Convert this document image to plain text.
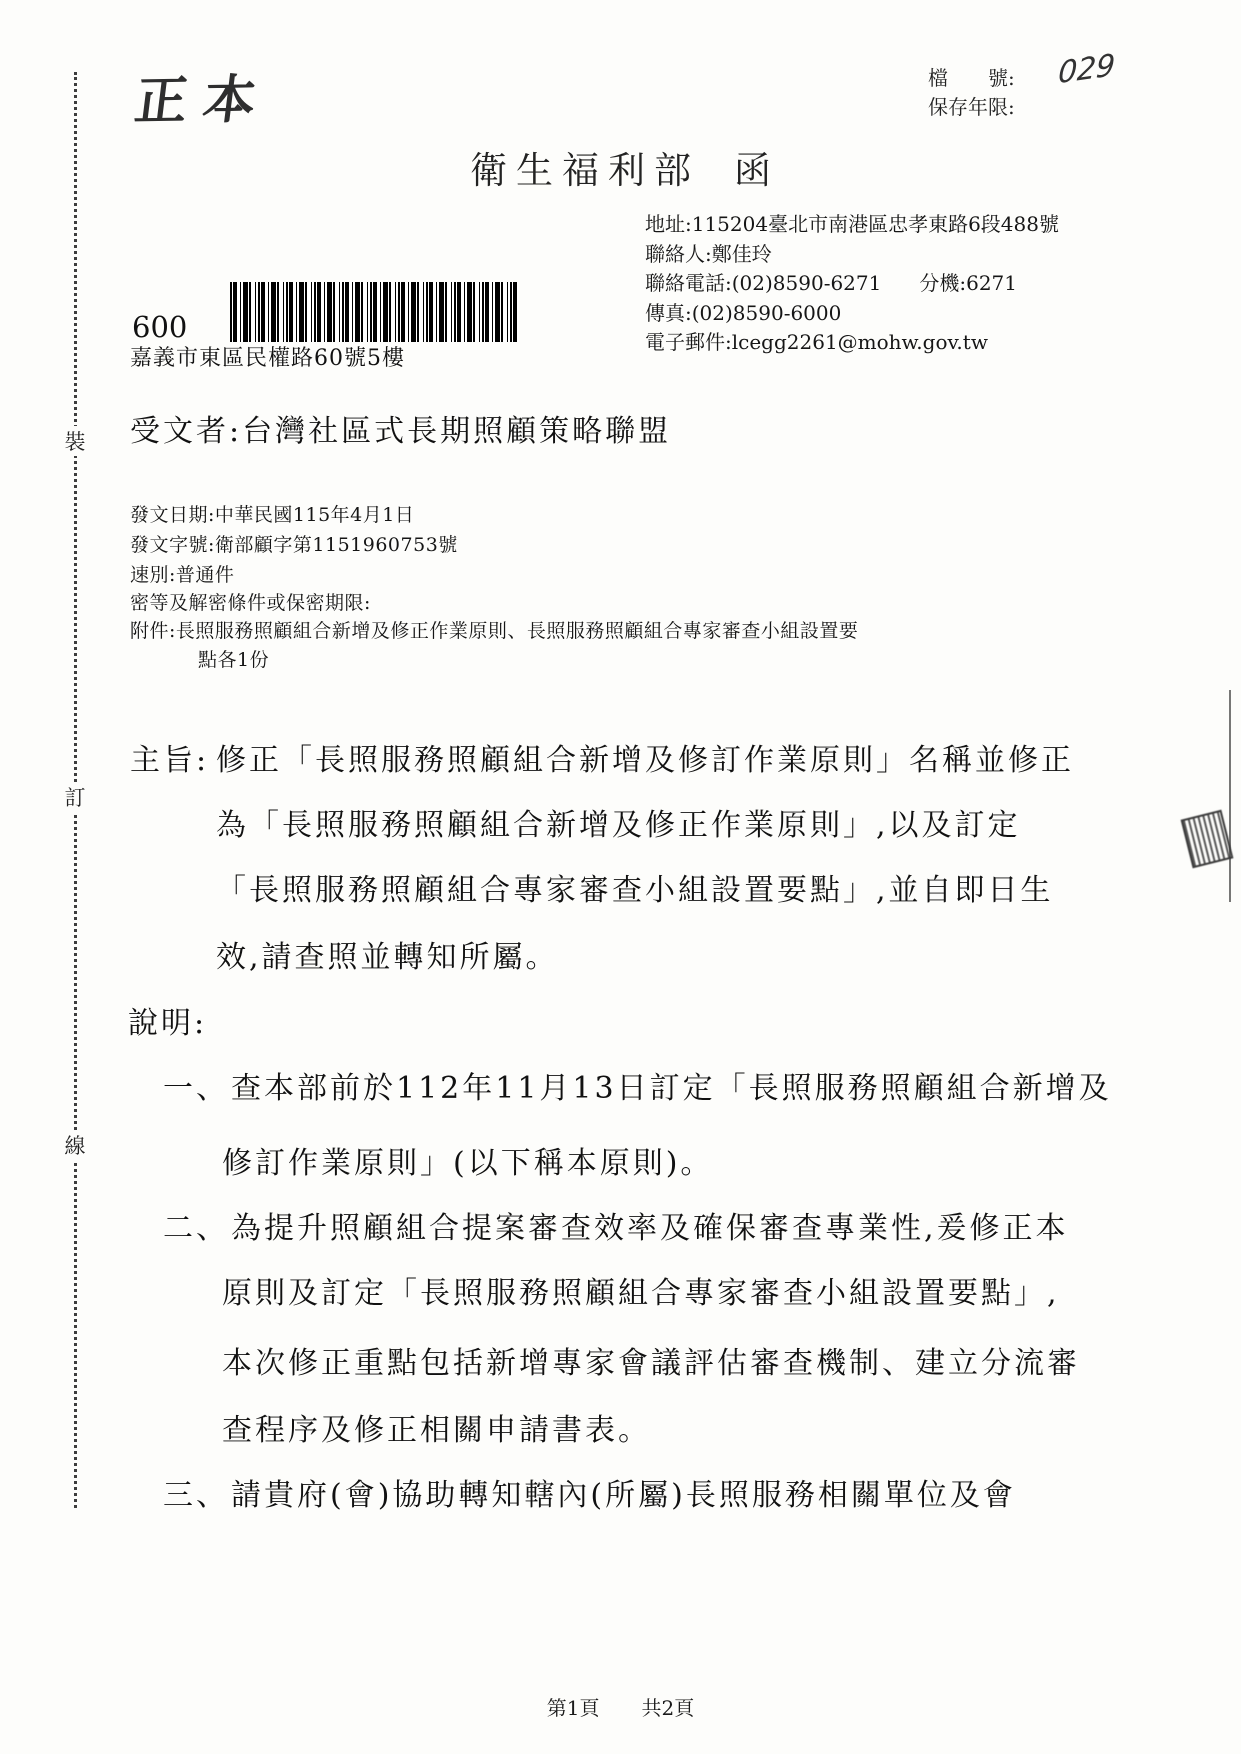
裝
訂
線
正本	檔　　號:
保存年限:
029
衛生福利部 函
地址:115204臺北市南港區忠孝東路6段488號
聯絡人:鄭佳玲
聯絡電話:(02)8590-6271 分機:6271
傳真:(02)8590-6000
電子郵件:lcegg2261@mohw.gov.tw
600
嘉義市東區民權路60號5樓
受文者:台灣社區式長期照顧策略聯盟
發文日期:中華民國115年4月1日
發文字號:衛部顧字第1151960753號
速別:普通件
密等及解密條件或保密期限:
附件:長照服務照顧組合新增及修正作業原則、長照服務照顧組合專家審查小組設置要
點各1份
主旨: 修正「長照服務照顧組合新增及修訂作業原則」名稱並修正
為「長照服務照顧組合新增及修正作業原則」,以及訂定
「長照服務照顧組合專家審查小組設置要點」,並自即日生
效,請查照並轉知所屬。
說明:
一、查本部前於112年11月13日訂定「長照服務照顧組合新增及
修訂作業原則」(以下稱本原則)。
二、為提升照顧組合提案審查效率及確保審查專業性,爰修正本
原則及訂定「長照服務照顧組合專家審查小組設置要點」,
本次修正重點包括新增專家會議評估審查機制、建立分流審
查程序及修正相關申請書表。
三、請貴府(會)協助轉知轄內(所屬)長照服務相關單位及會
第1頁 共2頁
